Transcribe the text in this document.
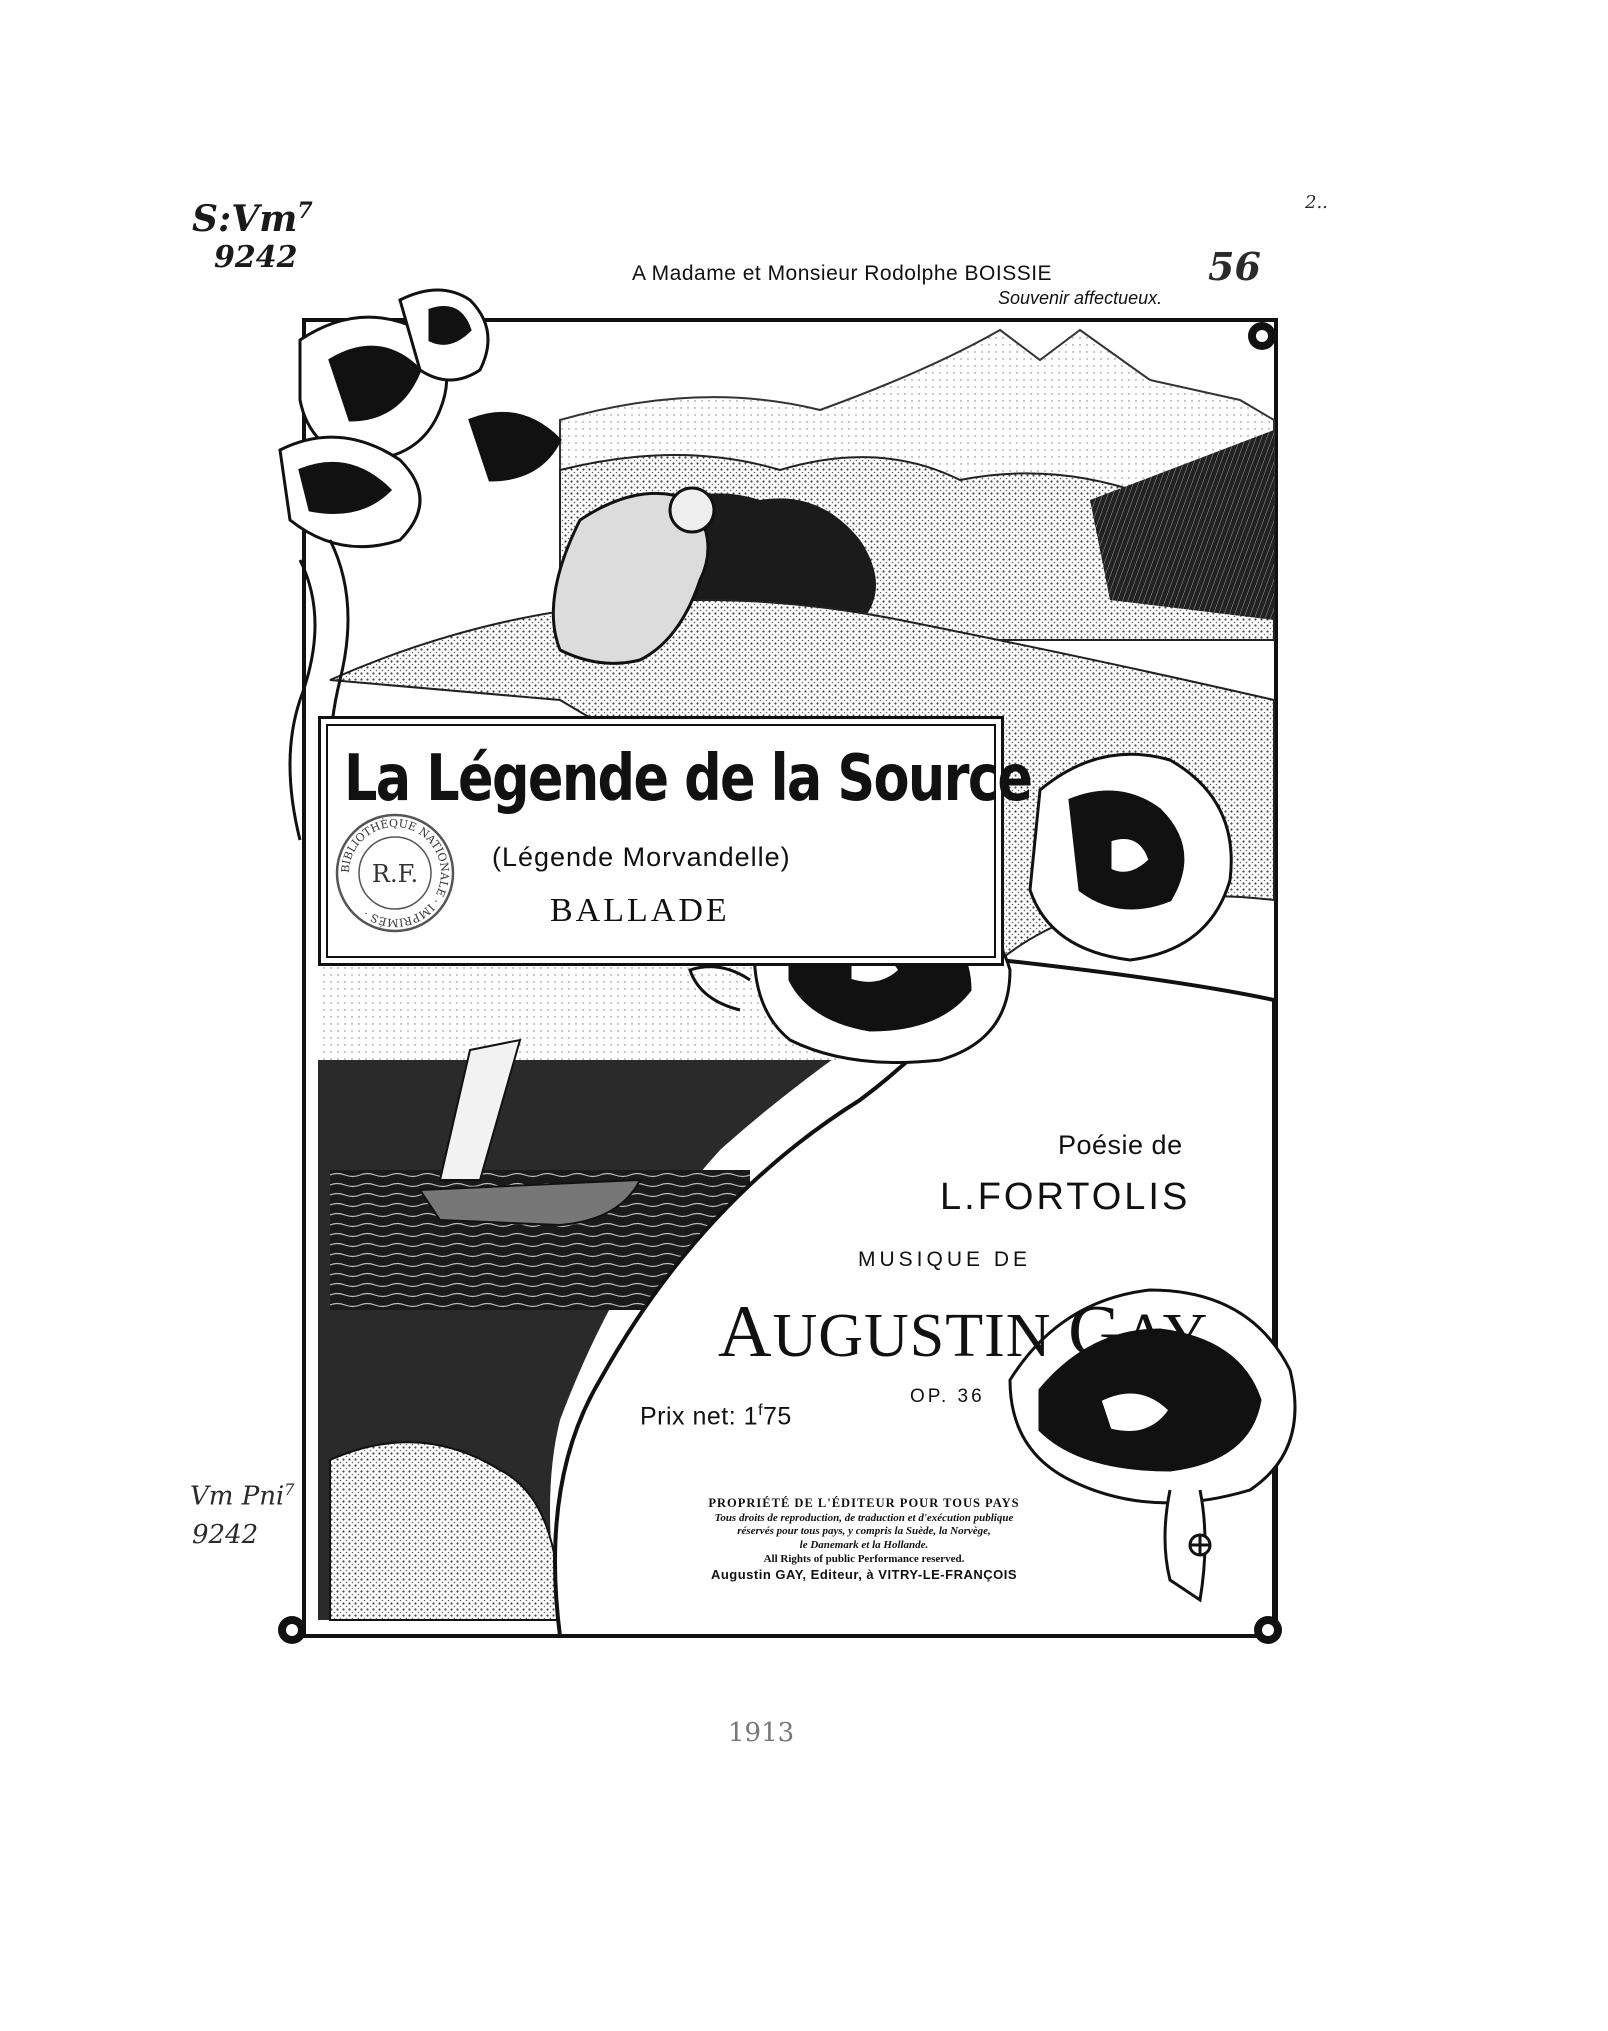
S:Vm$^7$
9242
Vm Pni$^7$
9242
2..
56
A Madame et Monsieur Rodolphe BOISSIE
Souvenir affectueux.
La Légende de la Source
(Légende Morvandelle)
BALLADE
BIBLIOTHÈQUE NATIONALE · IMPRIMÉS ·
R.F.
Poésie de
L.FORTOLIS
MUSIQUE DE
AUGUSTIN GAY
OP. 36
Prix net: 1$^f$75
PROPRIÉTÉ DE L'ÉDITEUR POUR TOUS PAYS
Tous droits de reproduction, de traduction et d'exécution publique
réservés pour tous pays, y compris la Suède, la Norvège,
le Danemark et la Hollande.
All Rights of public Performance reserved.
Augustin GAY, Editeur, à VITRY-LE-FRANÇOIS
1913
